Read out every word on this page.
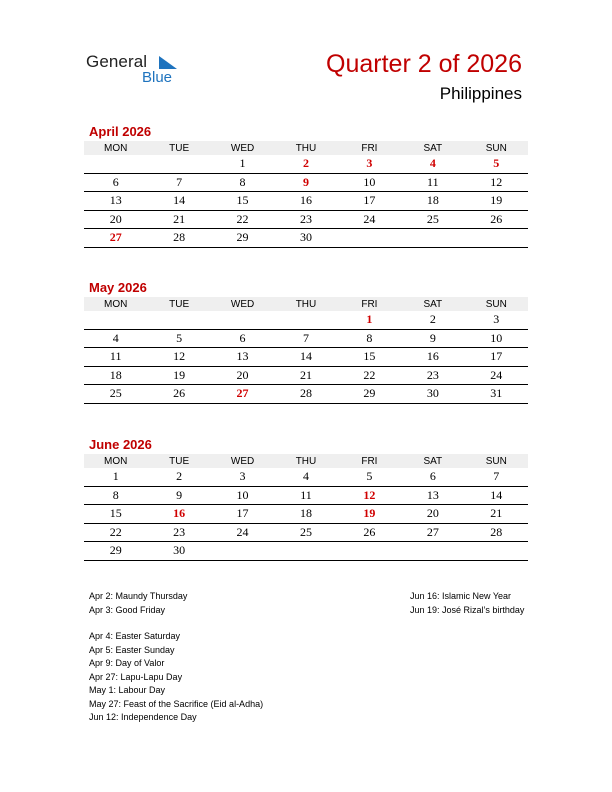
General
Blue	Quarter 2 of 2026
Philippines
April 2026
MON	TUE	WED	THU	FRI	SAT	SUN
		1	2	3	4	5
6	7	8	9	10	11	12
13	14	15	16	17	18	19
20	21	22	23	24	25	26
27	28	29	30			
May 2026
MON	TUE	WED	THU	FRI	SAT	SUN
				1	2	3
4	5	6	7	8	9	10
11	12	13	14	15	16	17
18	19	20	21	22	23	24
25	26	27	28	29	30	31
June 2026
MON	TUE	WED	THU	FRI	SAT	SUN
1	2	3	4	5	6	7
8	9	10	11	12	13	14
15	16	17	18	19	20	21
22	23	24	25	26	27	28
29	30					
Apr 2: Maundy Thursday
Apr 3: Good Friday
Apr 4: Easter Saturday
Apr 5: Easter Sunday
Apr 9: Day of Valor
Apr 27: Lapu-Lapu Day
May 1: Labour Day
May 27: Feast of the Sacrifice (Eid al-Adha)
Jun 12: Independence Day
Jun 16: Islamic New Year
Jun 19: José Rizal’s birthday
